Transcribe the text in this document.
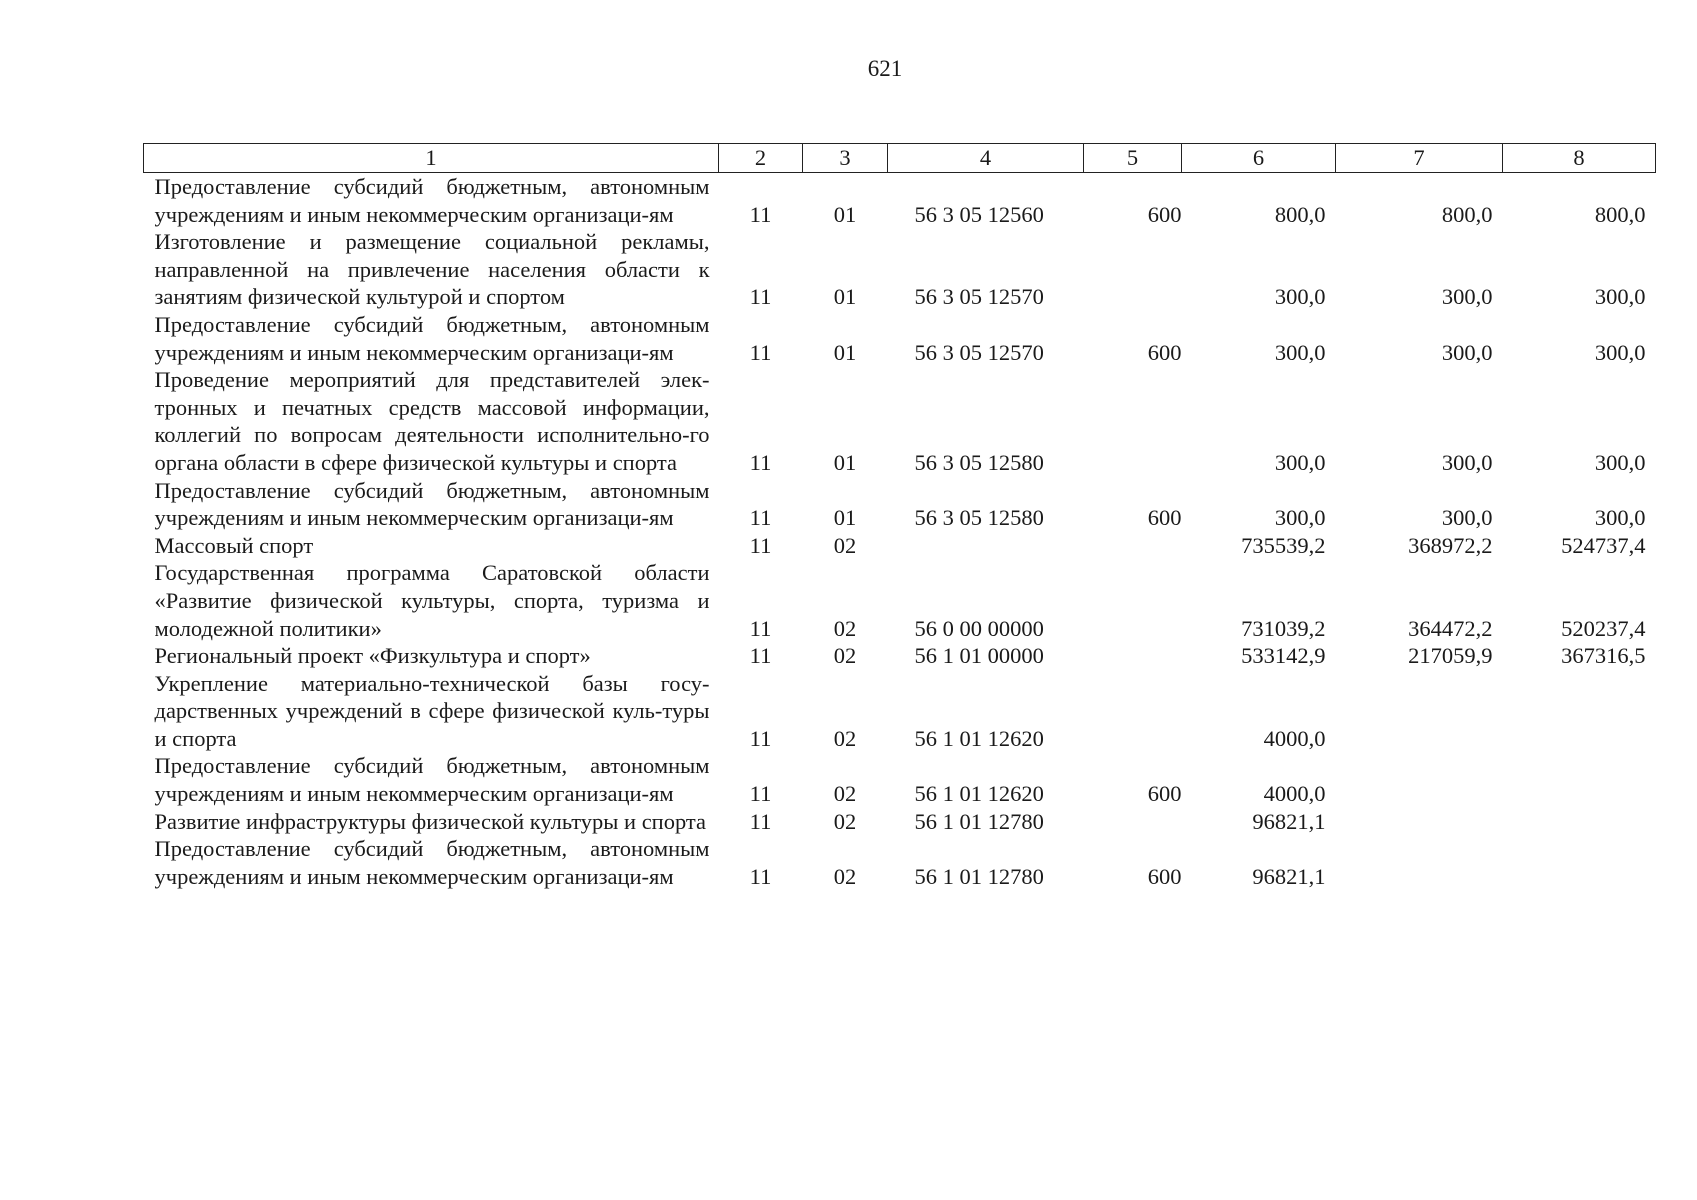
621
1	2	3	4	5	6	7	8
Предоставление субсидий бюджетным, автономным учреждениям и иным некоммерческим организаци-ям	11	01	56 3 05 12560	600	800,0	800,0	800,0
Изготовление и размещение социальной рекламы, направленной на привлечение населения области к занятиям физической культурой и спортом	11	01	56 3 05 12570		300,0	300,0	300,0
Предоставление субсидий бюджетным, автономным учреждениям и иным некоммерческим организаци-ям	11	01	56 3 05 12570	600	300,0	300,0	300,0
Проведение мероприятий для представителей элек-тронных и печатных средств массовой информации, коллегий по вопросам деятельности исполнительно-го органа области в сфере физической культуры и спорта	11	01	56 3 05 12580		300,0	300,0	300,0
Предоставление субсидий бюджетным, автономным учреждениям и иным некоммерческим организаци-ям	11	01	56 3 05 12580	600	300,0	300,0	300,0
Массовый спорт	11	02			735539,2	368972,2	524737,4
Государственная программа Саратовской области «Развитие физической культуры, спорта, туризма и молодежной политики»	11	02	56 0 00 00000		731039,2	364472,2	520237,4
Региональный проект «Физкультура и спорт»	11	02	56 1 01 00000		533142,9	217059,9	367316,5
Укрепление материально-технической базы госу-дарственных учреждений в сфере физической куль-туры и спорта	11	02	56 1 01 12620		4000,0		
Предоставление субсидий бюджетным, автономным учреждениям и иным некоммерческим организаци-ям	11	02	56 1 01 12620	600	4000,0		
Развитие инфраструктуры физической культуры и спорта	11	02	56 1 01 12780		96821,1		
Предоставление субсидий бюджетным, автономным учреждениям и иным некоммерческим организаци-ям	11	02	56 1 01 12780	600	96821,1		
